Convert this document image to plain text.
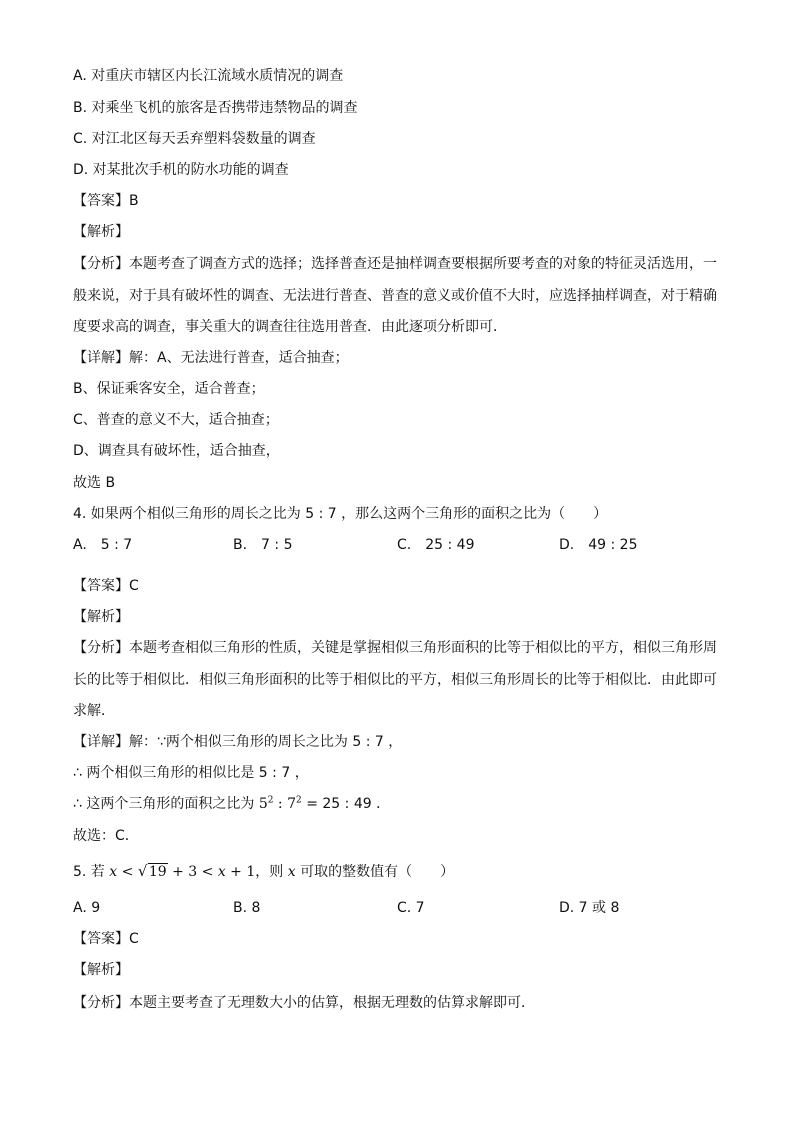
A. 对重庆市辖区内长江流域水质情况的调查
B. 对乘坐飞机的旅客是否携带违禁物品的调查
C. 对江北区每天丢弃塑料袋数量的调查
D. 对某批次手机的防水功能的调查
【答案】B
【解析】
【分析】本题考查了调查方式的选择；选择普查还是抽样调查要根据所要考查的对象的特征灵活选用，一
般来说，对于具有破坏性的调查、无法进行普查、普查的意义或价值不大时，应选择抽样调查，对于精确
度要求高的调查，事关重大的调查往往选用普查．由此逐项分析即可．
【详解】解：A、无法进行普查，适合抽查；
B、保证乘客安全，适合普查；
C、普查的意义不大，适合抽查；
D、调查具有破坏性，适合抽查，
故选 B
4. 如果两个相似三角形的周长之比为 5 : 7 ，那么这两个三角形的面积之比为（　　）
A.　5 : 7	B.　7 : 5	C.　25 : 49	D.　49 : 25
【答案】C
【解析】
【分析】本题考查相似三角形的性质，关键是掌握相似三角形面积的比等于相似比的平方，相似三角形周
长的比等于相似比．相似三角形面积的比等于相似比的平方，相似三角形周长的比等于相似比．由此即可
求解．
【详解】解：∵两个相似三角形的周长之比为 5 : 7 ，
∴ 两个相似三角形的相似比是 5 : 7 ，
∴ 这两个三角形的面积之比为 $5^2$ : $7^2 = 25$ : 49 ．
故选：C．
5. 若 x < √ 19 + 3 < x + 1，则 x 可取的整数值有（　　）
A. 9	B. 8	C. 7	D. 7 或 8
【答案】C
【解析】
【分析】本题主要考查了无理数大小的估算，根据无理数的估算求解即可．
